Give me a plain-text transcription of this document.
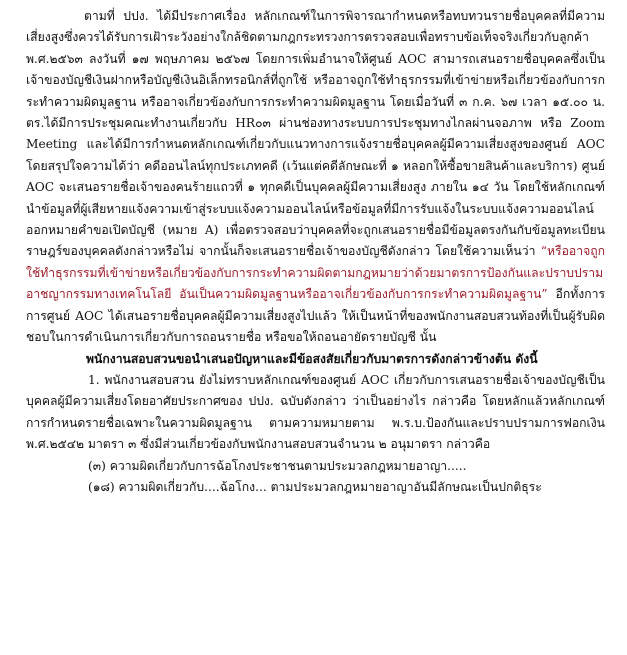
ตามที่ ปปง. ได้มีประกาศเรื่อง หลักเกณฑ์ในการพิจารณากำหนดหรือทบทวนรายชื่อบุคคลที่มีความเสี่ยงสูงซึ่งควรได้รับการเฝ้าระวังอย่างใกล้ชิดตามกฎกระทรวงการตรวจสอบเพื่อทราบข้อเท็จจริงเกี่ยวกับลูกค้า พ.ศ.๒๕๖๓ ลงวันที่ ๑๗ พฤษภาคม ๒๕๖๗ โดยการเพิ่มอำนาจให้ศูนย์ AOC สามารถเสนอรายชื่อบุคคลซึ่งเป็นเจ้าของบัญชีเงินฝากหรือบัญชีเงินอิเล็กทรอนิกส์ที่ถูกใช้ หรืออาจถูกใช้ทำธุรกรรมที่เข้าข่ายหรือเกี่ยวข้องกับการกระทำความผิดมูลฐาน หรืออาจเกี่ยวข้องกับการกระทำความผิดมูลฐาน โดยเมื่อวันที่ ๓ ก.ค. ๖๗ เวลา ๑๕.๐๐ น. ตร.ได้มีการประชุมคณะทำงานเกี่ยวกับ HR๐๓ ผ่านช่องทางระบบการประชุมทางไกลผ่านจอภาพ หรือ Zoom Meeting และได้มีการกำหนดหลักเกณฑ์เกี่ยวกับแนวทางการแจ้งรายชื่อบุคคลผู้มีความเสี่ยงสูงของศูนย์ AOC โดยสรุปใจความได้ว่า คดีออนไลน์ทุกประเภทคดี (เว้นแต่คดีลักษณะที่ ๑ หลอกให้ซื้อขายสินค้าและบริการ) ศูนย์ AOC จะเสนอรายชื่อเจ้าของคนร้ายแถวที่ ๑ ทุกคดีเป็นบุคคลผู้มีความเสี่ยงสูง ภายใน ๑๔ วัน โดยใช้หลักเกณฑ์ นำข้อมูลที่ผู้เสียหายแจ้งความเข้าสู่ระบบแจ้งความออนไลน์หรือข้อมูลที่มีการรับแจ้งในระบบแจ้งความออนไลน์ ออกหมายคำขอเปิดบัญชี (หมาย A) เพื่อตรวจสอบว่าบุคคลที่จะถูกเสนอรายชื่อมีข้อมูลตรงกันกับข้อมูลทะเบียนราษฎร์ของบุคคลดังกล่าวหรือไม่ จากนั้นก็จะเสนอรายชื่อเจ้าของบัญชีดังกล่าว โดยใช้ความเห็นว่า “หรืออาจถูกใช้ทำธุรกรรมที่เข้าข่ายหรือเกี่ยวข้องกับการกระทำความผิดตามกฎหมายว่าด้วยมาตรการป้องกันและปราบปรามอาชญากรรมทางเทคโนโลยี อันเป็นความผิดมูลฐานหรืออาจเกี่ยวข้องกับการกระทำความผิดมูลฐาน” อีกทั้งการการศูนย์ AOC ได้เสนอรายชื่อบุคคลผู้มีความเสี่ยงสูงไปแล้ว ให้เป็นหน้าที่ของพนักงานสอบสวนท้องที่เป็นผู้รับผิดชอบในการดำเนินการเกี่ยวกับการถอนรายชื่อ หรือขอให้ถอนอายัดรายบัญชี นั้น

พนักงานสอบสวนขอนำเสนอปัญหาและมีข้อสงสัยเกี่ยวกับมาตรการดังกล่าวข้างต้น ดังนี้

1. พนักงานสอบสวน ยังไม่ทราบหลักเกณฑ์ของศูนย์ AOC เกี่ยวกับการเสนอรายชื่อเจ้าของบัญชีเป็นบุคคลผู้มีความเสี่ยงโดยอาศัยประกาศของ ปปง. ฉบับดังกล่าว ว่าเป็นอย่างไร กล่าวคือ โดยหลักแล้วหลักเกณฑ์การกำหนดรายชื่อเฉพาะในความผิดมูลฐาน ตามความหมายตาม พ.ร.บ.ป้องกันและปราบปรามการฟอกเงิน พ.ศ.๒๕๔๒ มาตรา ๓ ซึ่งมีส่วนเกี่ยวข้องกับพนักงานสอบสวนจำนวน ๒ อนุมาตรา กล่าวคือ

(๓) ความผิดเกี่ยวกับการฉ้อโกงประชาชนตามประมวลกฎหมายอาญา.....

(๑๘) ความผิดเกี่ยวกับ....ฉ้อโกง... ตามประมวลกฎหมายอาญาอันมีลักษณะเป็นปกติธุระ
